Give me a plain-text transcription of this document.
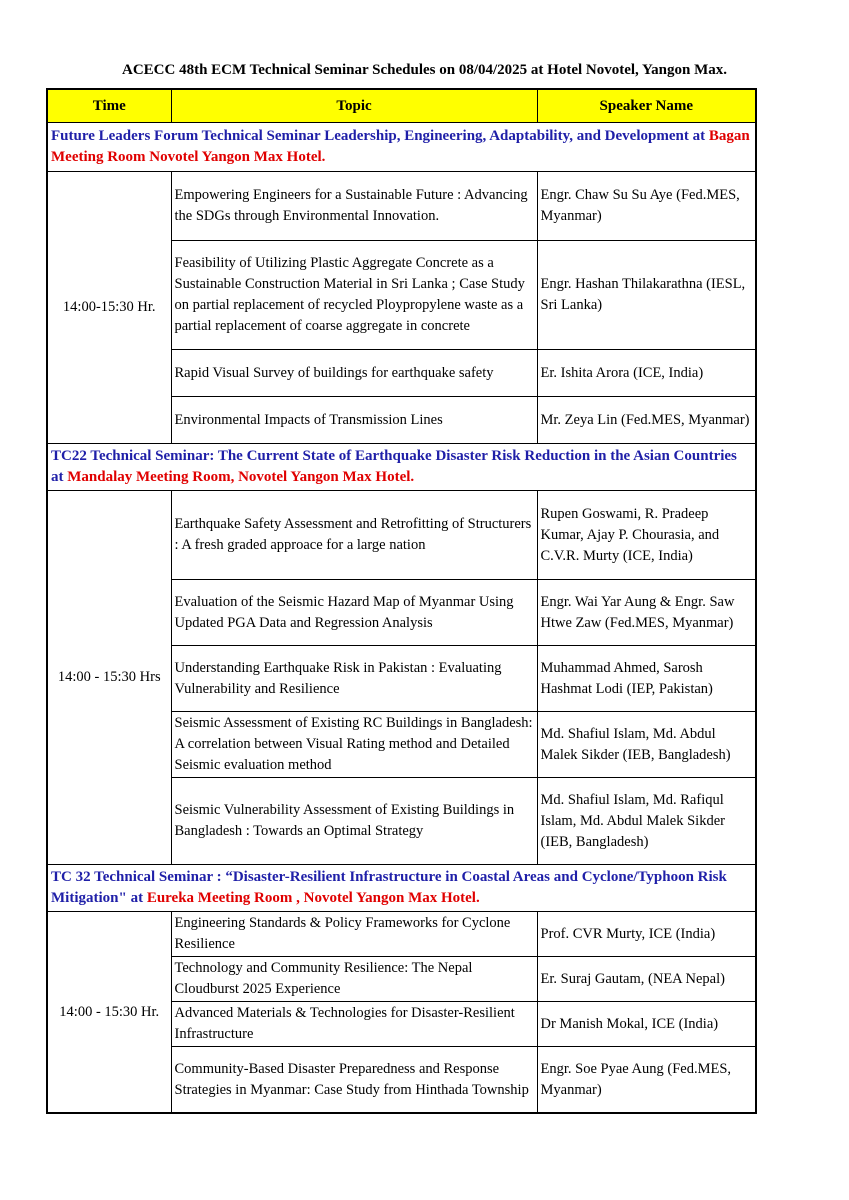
ACECC 48th ECM Technical Seminar Schedules on 08/04/2025 at Hotel Novotel, Yangon Max.
Time	Topic	Speaker Name
Future Leaders Forum Technical Seminar Leadership, Engineering, Adaptability, and Development at Bagan Meeting Room Novotel Yangon Max Hotel.		
14:00-15:30 Hr.	Empowering Engineers for a Sustainable Future : Advancing the SDGs through Environmental Innovation.	Engr. Chaw Su Su Aye (Fed.MES, Myanmar)
	Feasibility of Utilizing Plastic Aggregate Concrete as a Sustainable Construction Material in Sri Lanka ; Case Study on partial replacement of recycled Ploypropylene waste as a partial replacement of coarse aggregate in concrete	Engr. Hashan Thilakarathna (IESL, Sri Lanka)
	Rapid Visual Survey of buildings for earthquake safety	Er. Ishita Arora (ICE, India)
	Environmental Impacts of Transmission Lines	Mr. Zeya Lin (Fed.MES, Myanmar)
TC22 Technical Seminar: The Current State of Earthquake Disaster Risk Reduction in the Asian Countries at Mandalay Meeting Room, Novotel Yangon Max Hotel.		
14:00 - 15:30 Hrs	Earthquake Safety Assessment and Retrofitting of Structurers : A fresh graded approace for a large nation	Rupen Goswami, R. Pradeep Kumar, Ajay P. Chourasia, and C.V.R. Murty (ICE, India)
	Evaluation of the Seismic Hazard Map of Myanmar Using Updated PGA Data and Regression Analysis	Engr. Wai Yar Aung & Engr. Saw Htwe Zaw (Fed.MES, Myanmar)
	Understanding Earthquake Risk in Pakistan : Evaluating Vulnerability and Resilience	Muhammad Ahmed, Sarosh Hashmat Lodi (IEP, Pakistan)
	Seismic Assessment of Existing RC Buildings in Bangladesh: A correlation between Visual Rating method and Detailed Seismic evaluation method	Md. Shafiul Islam, Md. Abdul Malek Sikder (IEB, Bangladesh)
	Seismic Vulnerability Assessment of Existing Buildings in Bangladesh : Towards an Optimal Strategy	Md. Shafiul Islam, Md. Rafiqul Islam, Md. Abdul Malek Sikder (IEB, Bangladesh)
TC 32 Technical Seminar : “Disaster-Resilient Infrastructure in Coastal Areas and Cyclone/Typhoon Risk Mitigation" at Eureka Meeting Room , Novotel Yangon Max Hotel.		
14:00 - 15:30 Hr.	Engineering Standards & Policy Frameworks for Cyclone Resilience	Prof. CVR Murty, ICE (India)
	Technology and Community Resilience: The Nepal Cloudburst 2025 Experience	Er. Suraj Gautam, (NEA Nepal)
	Advanced Materials & Technologies for Disaster-Resilient Infrastructure	Dr Manish Mokal, ICE (India)
	Community-Based Disaster Preparedness and Response Strategies in Myanmar: Case Study from Hinthada Township	Engr. Soe Pyae Aung (Fed.MES, Myanmar)
